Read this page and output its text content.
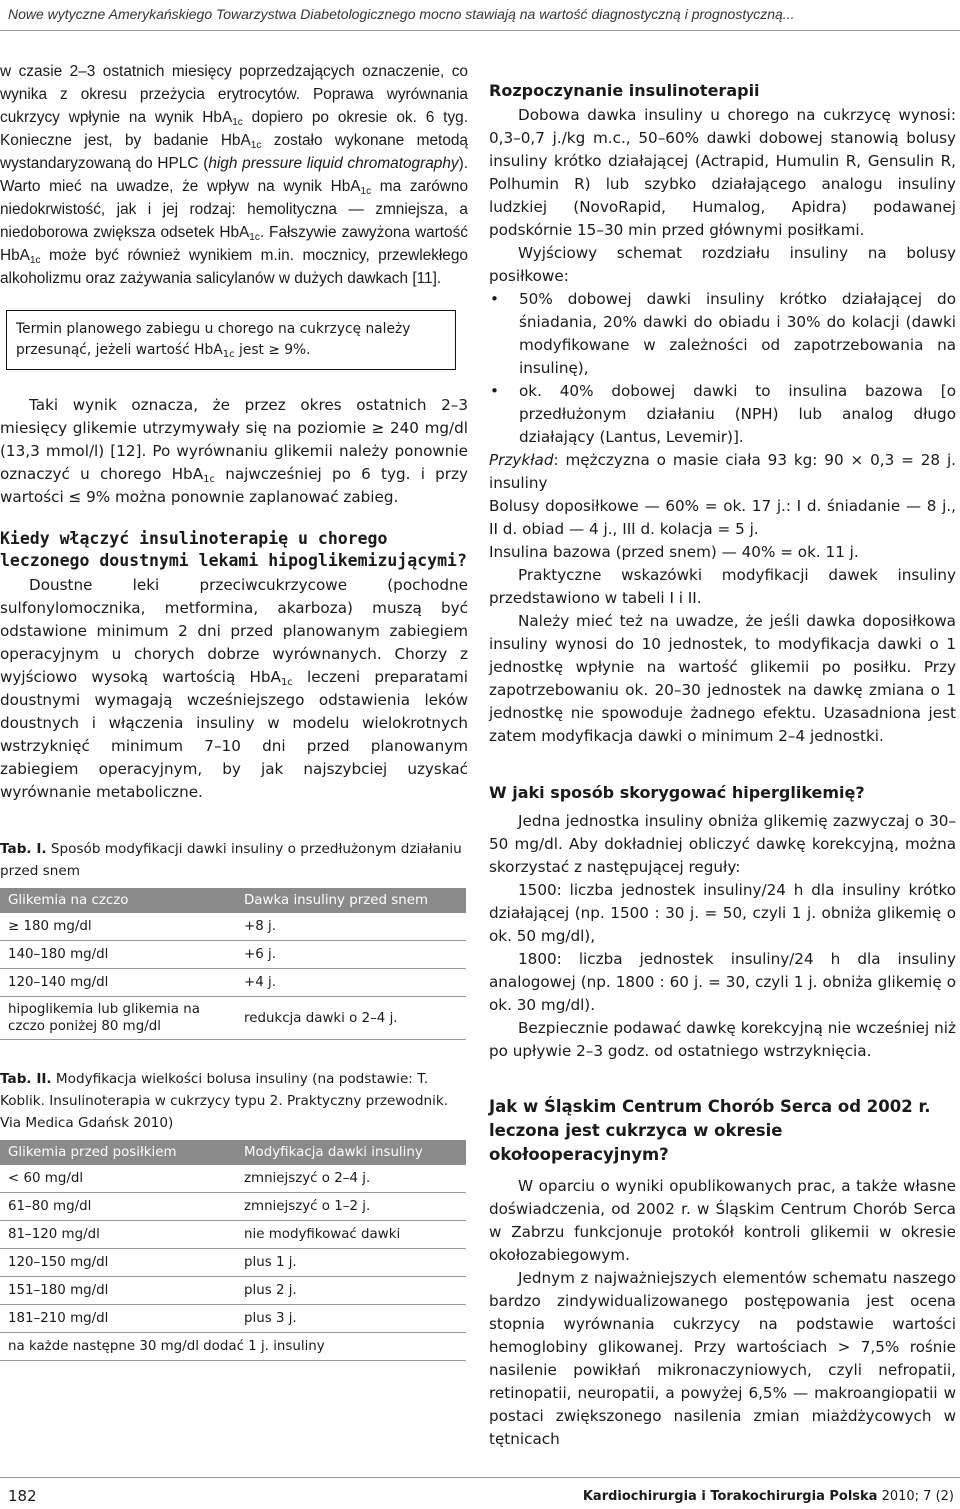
Nowe wytyczne Amerykańskiego Towarzystwa Diabetologicznego mocno stawiają na wartość diagnostyczną i prognostyczną...

w czasie 2–3 ostatnich miesięcy poprzedzających oznaczenie, co wynika z okresu przeżycia erytrocytów. Poprawa wyrównania cukrzycy wpłynie na wynik HbA$_{1c}$ dopiero po okresie ok. 6 tyg. Konieczne jest, by badanie HbA$_{1c}$ zostało wykonane metodą wystandaryzowaną do HPLC (high pressure liquid chromatography). Warto mieć na uwadze, że wpływ na wynik HbA$_{1c}$ ma zarówno niedokrwistość, jak i jej rodzaj: hemolityczna — zmniejsza, a niedoborowa zwiększa odsetek HbA$_{1c}$. Fałszywie zawyżona wartość HbA$_{1c}$ może być również wynikiem m.in. mocznicy, przewlekłego alkoholizmu oraz zażywania salicylanów w dużych dawkach [11].

Termin planowego zabiegu u chorego na cukrzycę należy przesunąć, jeżeli wartość HbA$_{1c}$ jest ≥ 9%.

Taki wynik oznacza, że przez okres ostatnich 2–3 miesięcy glikemie utrzymywały się na poziomie ≥ 240 mg/dl (13,3 mmol/l) [12]. Po wyrównaniu glikemii należy ponownie oznaczyć u chorego HbA$_{1c}$ najwcześniej po 6 tyg. i przy wartości ≤ 9% można ponownie zaplanować zabieg.

Kiedy włączyć insulinoterapię u chorego leczonego doustnymi lekami hipoglikemizującymi?

Doustne leki przeciwcukrzycowe (pochodne sulfonylomocznika, metformina, akarboza) muszą być odstawione minimum 2 dni przed planowanym zabiegiem operacyjnym u chorych dobrze wyrównanych. Chorzy z wyjściowo wysoką wartością HbA$_{1c}$ leczeni preparatami doustnymi wymagają wcześniejszego odstawienia leków doustnych i włączenia insuliny w modelu wielokrotnych wstrzyknięć minimum 7–10 dni przed planowanym zabiegiem operacyjnym, by jak najszybciej uzyskać wyrównanie metaboliczne.

Tab. I. Sposób modyfikacji dawki insuliny o przedłużonym działaniu przed snem
Glikemia na czczo	Dawka insuliny przed snem
≥ 180 mg/dl	+8 j.
140–180 mg/dl	+6 j.
120–140 mg/dl	+4 j.
hipoglikemia lub glikemia na czczo poniżej 80 mg/dl	redukcja dawki o 2–4 j.
Tab. II. Modyfikacja wielkości bolusa insuliny (na podstawie: T. Koblik. Insulinoterapia w cukrzycy typu 2. Praktyczny przewodnik. Via Medica Gdańsk 2010)
Glikemia przed posiłkiem	Modyfikacja dawki insuliny
< 60 mg/dl	zmniejszyć o 2–4 j.
61–80 mg/dl	zmniejszyć o 1–2 j.
81–120 mg/dl	nie modyfikować dawki
120–150 mg/dl	plus 1 j.
151–180 mg/dl	plus 2 j.
181–210 mg/dl	plus 3 j.
na każde następne 30 mg/dl dodać 1 j. insuliny	
Rozpoczynanie insulinoterapii

Dobowa dawka insuliny u chorego na cukrzycę wynosi: 0,3–0,7 j./kg m.c., 50–60% dawki dobowej stanowią bolusy insuliny krótko działającej (Actrapid, Humulin R, Gensulin R, Polhumin R) lub szybko działającego analogu insuliny ludzkiej (NovoRapid, Humalog, Apidra) podawanej podskórnie 15–30 min przed głównymi posiłkami.

Wyjściowy schemat rozdziału insuliny na bolusy posiłkowe:

• 50% dobowej dawki insuliny krótko działającej do śniadania, 20% dawki do obiadu i 30% do kolacji (dawki modyfikowane w zależności od zapotrzebowania na insulinę),
• ok. 40% dobowej dawki to insulina bazowa [o przedłużonym działaniu (NPH) lub analog długo działający (Lantus, Levemir)].

Przykład: mężczyzna o masie ciała 93 kg: 90 × 0,3 = 28 j. insuliny

Bolusy doposiłkowe — 60% = ok. 17 j.: I d. śniadanie — 8 j., II d. obiad — 4 j., III d. kolacja = 5 j.

Insulina bazowa (przed snem) — 40% = ok. 11 j.

Praktyczne wskazówki modyfikacji dawek insuliny przedstawiono w tabeli I i II.

Należy mieć też na uwadze, że jeśli dawka doposiłkowa insuliny wynosi do 10 jednostek, to modyfikacja dawki o 1 jednostkę wpłynie na wartość glikemii po posiłku. Przy zapotrzebowaniu ok. 20–30 jednostek na dawkę zmiana o 1 jednostkę nie spowoduje żadnego efektu. Uzasadniona jest zatem modyfikacja dawki o minimum 2–4 jednostki.

W jaki sposób skorygować hiperglikemię?

Jedna jednostka insuliny obniża glikemię zazwyczaj o 30–50 mg/dl. Aby dokładniej obliczyć dawkę korekcyjną, można skorzystać z następującej reguły:

1500: liczba jednostek insuliny/24 h dla insuliny krótko działającej (np. 1500 : 30 j. = 50, czyli 1 j. obniża glikemię o ok. 50 mg/dl),

1800: liczba jednostek insuliny/24 h dla insuliny analogowej (np. 1800 : 60 j. = 30, czyli 1 j. obniża glikemię o ok. 30 mg/dl).

Bezpiecznie podawać dawkę korekcyjną nie wcześniej niż po upływie 2–3 godz. od ostatniego wstrzyknięcia.

Jak w Śląskim Centrum Chorób Serca od 2002 r. leczona jest cukrzyca w okresie okołooperacyjnym?

W oparciu o wyniki opublikowanych prac, a także własne doświadczenia, od 2002 r. w Śląskim Centrum Chorób Serca w Zabrzu funkcjonuje protokół kontroli glikemii w okresie okołozabiegowym.

Jednym z najważniejszych elementów schematu naszego bardzo zindywidualizowanego postępowania jest ocena stopnia wyrównania cukrzycy na podstawie wartości hemoglobiny glikowanej. Przy wartościach > 7,5% rośnie nasilenie powikłań mikronaczyniowych, czyli nefropatii, retinopatii, neuropatii, a powyżej 6,5% — makroangiopatii w postaci zwiększonego nasilenia zmian miażdżycowych w tętnicach

182	Kardiochirurgia i Torakochirurgia Polska 2010; 7 (2)
